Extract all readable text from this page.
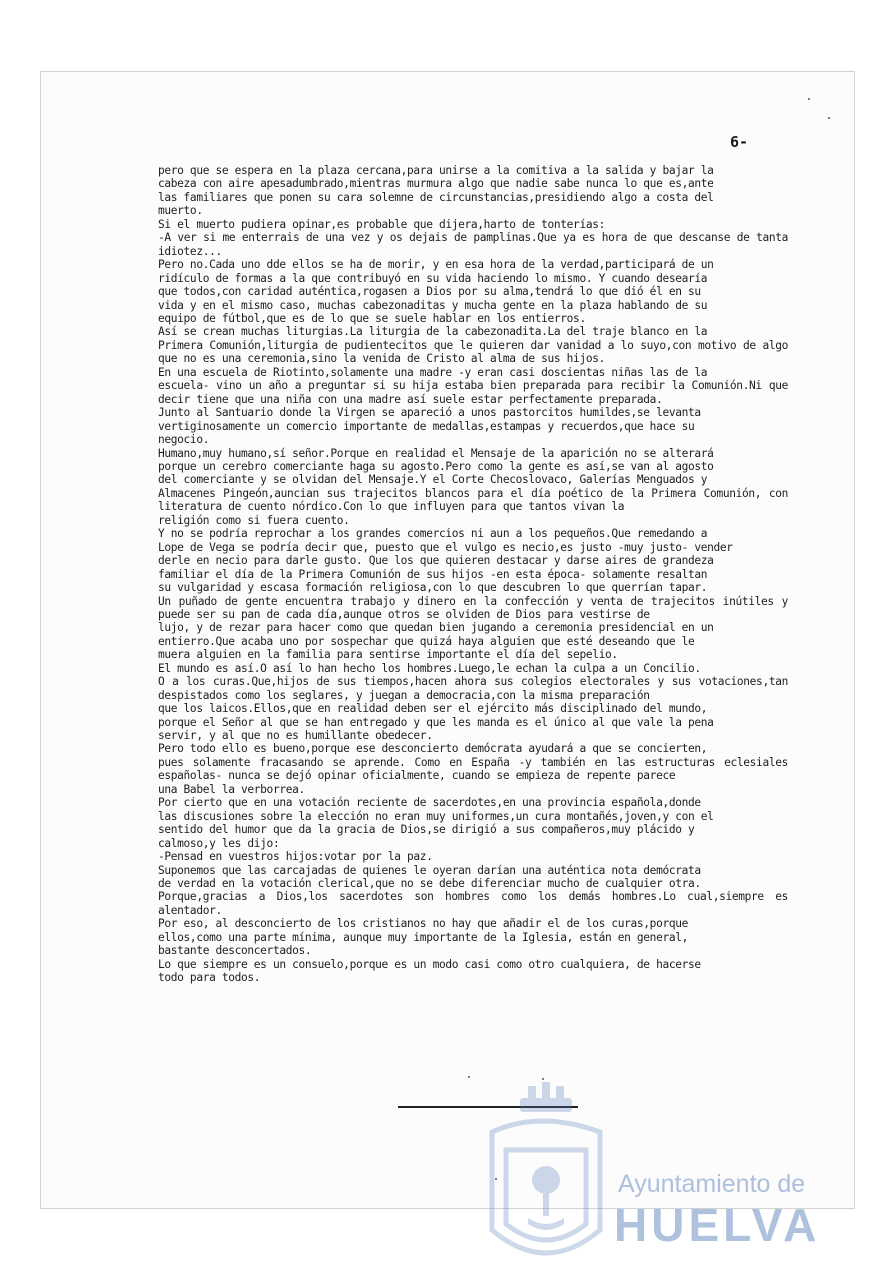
6-
pero que se espera en la plaza cercana,para unirse a la comitiva a la salida y bajar la
cabeza con aire apesadumbrado,mientras murmura algo que nadie sabe nunca lo que es,ante
las familiares que ponen su cara solemne de circunstancias,presidiendo algo a costa del
muerto.
Si el muerto pudiera opinar,es probable que dijera,harto de tonterías:
-A ver si me enterrais de una vez y os dejais de pamplinas.Que ya es hora de que descanse de tanta idiotez...
Pero no.Cada uno dde ellos se ha de morir, y en esa hora de la verdad,participará de un
ridículo de formas a la que contribuyó en su vida haciendo lo mismo. Y cuando desearía
que todos,con caridad auténtica,rogasen a Dios por su alma,tendrá lo que dió él en su
vida y en el mismo caso, muchas cabezonaditas y mucha gente en la plaza hablando de su
equipo de fútbol,que es de lo que se suele hablar en los entierros.
Así se crean muchas liturgias.La liturgia de la cabezonadita.La del traje blanco en la
Primera Comunión,liturgia de pudientecitos que le quieren dar vanidad a lo suyo,con motivo de algo que no es una ceremonia,sino la venida de Cristo al alma de sus hijos.
En una escuela de Riotinto,solamente una madre -y eran casi doscientas niñas las de la
escuela- vino un año a preguntar si su hija estaba bien preparada para recibir la Comunión.Ni que decir tiene que una niña con una madre así suele estar perfectamente preparada.
Junto al Santuario donde la Virgen se apareció a unos pastorcitos humildes,se levanta
vertiginosamente un comercio importante de medallas,estampas y recuerdos,que hace su
negocio.
Humano,muy humano,sí señor.Porque en realidad el Mensaje de la aparición no se alterará
porque un cerebro comerciante haga su agosto.Pero como la gente es así,se van al agosto
del comerciante y se olvidan del Mensaje.Y el Corte Checoslovaco, Galerías Menguados y
Almacenes Pingeón,auncian sus trajecitos blancos para el día poético de la Primera Comunión, con literatura de cuento nórdico.Con lo que influyen para que tantos vivan la
religión como si fuera cuento.
Y no se podría reprochar a los grandes comercios ni aun a los pequeños.Que remedando a
Lope de Vega se podría decir que, puesto que el vulgo es necio,es justo -muy justo- vender
derle en necio para darle gusto. Que los que quieren destacar y darse aires de grandeza
familiar el día de la Primera Comunión de sus hijos -en esta época- solamente resaltan
su vulgaridad y escasa formación religiosa,con lo que descubren lo que querrían tapar.
Un puñado de gente encuentra trabajo y dinero en la confección y venta de trajecitos inútiles y puede ser su pan de cada día,aunque otros se olviden de Dios para vestirse de
lujo, y de rezar para hacer como que quedan bien jugando a ceremonia presidencial en un
entierro.Que acaba uno por sospechar que quizá haya alguien que esté deseando que le
muera alguien en la familia para sentirse importante el día del sepelio.
El mundo es así.O así lo han hecho los hombres.Luego,le echan la culpa a un Concilio.
O a los curas.Que,hijos de sus tiempos,hacen ahora sus colegios electorales y sus votaciones,tan despistados como los seglares, y juegan a democracia,con la misma preparación
que los laicos.Ellos,que en realidad deben ser el ejército más disciplinado del mundo,
porque el Señor al que se han entregado y que les manda es el único al que vale la pena
servir, y al que no es humillante obedecer.
Pero todo ello es bueno,porque ese desconcierto demócrata ayudará a que se concierten,
pues solamente fracasando se aprende. Como en España -y también en las estructuras eclesiales españolas- nunca se dejó opinar oficialmente, cuando se empieza de repente parece
una Babel la verborrea.
Por cierto que en una votación reciente de sacerdotes,en una provincia española,donde
las discusiones sobre la elección no eran muy uniformes,un cura montañés,joven,y con el
sentido del humor que da la gracia de Dios,se dirigió a sus compañeros,muy plácido y
calmoso,y les dijo:
-Pensad en vuestros hijos:votar por la paz.
Suponemos que las carcajadas de quienes le oyeran darían una auténtica nota demócrata
de verdad en la votación clerical,que no se debe diferenciar mucho de cualquier otra.
Porque,gracias a Dios,los sacerdotes son hombres como los demás hombres.Lo cual,siempre es alentador.
Por eso, al desconcierto de los cristianos no hay que añadir el de los curas,porque
ellos,como una parte mínima, aunque muy importante de la Iglesia, están en general,
bastante desconcertados.
Lo que siempre es un consuelo,porque es un modo casi como otro cualquiera, de hacerse
todo para todos.
Ayuntamiento de
HUELVA
